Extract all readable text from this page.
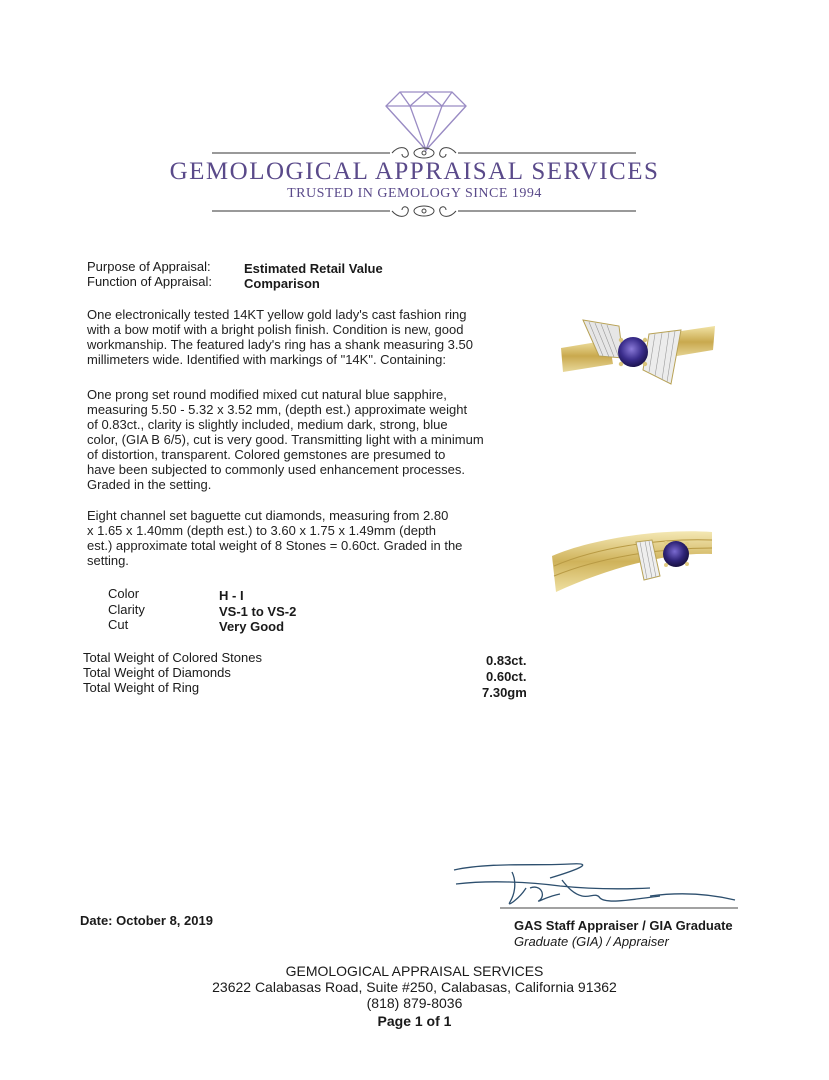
GEMOLOGICAL APPRAISAL SERVICES
TRUSTED IN GEMOLOGY SINCE 1994
Purpose of Appraisal:	Estimated Retail Value
Function of Appraisal: Comparison
One electronically tested 14KT yellow gold lady's cast fashion ring
with a bow motif with a bright polish finish. Condition is new, good
workmanship. The featured lady's ring has a shank measuring 3.50
millimeters wide. Identified with markings of "14K". Containing:
One prong set round modified mixed cut natural blue sapphire,
measuring 5.50 - 5.32 x 3.52 mm, (depth est.) approximate weight
of 0.83ct., clarity is slightly included, medium dark, strong, blue
color, (GIA B 6/5), cut is very good. Transmitting light with a minimum
of distortion, transparent. Colored gemstones are presumed to
have been subjected to commonly used enhancement processes.
Graded in the setting.
Eight channel set baguette cut diamonds, measuring from 2.80
x 1.65 x 1.40mm (depth est.) to 3.60 x 1.75 x 1.49mm (depth
est.) approximate total weight of 8 Stones = 0.60ct. Graded in the
setting.
Color	H - I
Clarity	VS-1 to VS-2
Cut	Very Good
Total Weight of Colored Stones	0.83ct.
Total Weight of Diamonds	0.60ct.
Total Weight of Ring	7.30gm
Date: October 8, 2019	GAS Staff Appraiser / GIA Graduate
Graduate (GIA) / Appraiser
GEMOLOGICAL APPRAISAL SERVICES
23622 Calabasas Road, Suite #250, Calabasas, California 91362
(818) 879-8036
Page 1 of 1
